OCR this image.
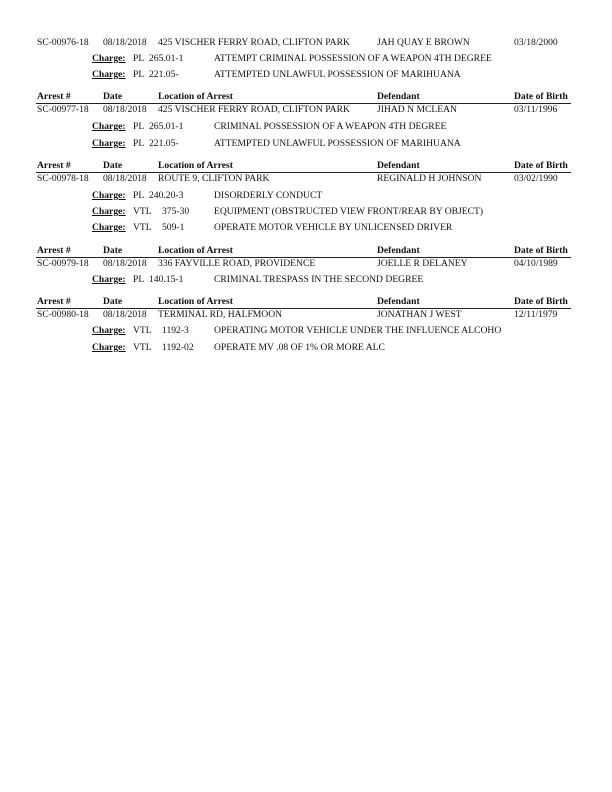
SC-00976-18 08/18/2018 425 VISCHER FERRY ROAD, CLIFTON PARK	JAH QUAY E BROWN	03/18/2000
Charge: PL 265.01-1	ATTEMPT CRIMINAL POSSESSION OF A WEAPON 4TH DEGREE
Charge: PL 221.05-	ATTEMPTED UNLAWFUL POSSESSION OF MARIHUANA
Arrest #	Date	Location of Arrest	Defendant	Date of Birth
SC-00977-18 08/18/2018 425 VISCHER FERRY ROAD, CLIFTON PARK	JIHAD N MCLEAN	03/11/1996
Charge: PL 265.01-1	CRIMINAL POSSESSION OF A WEAPON 4TH DEGREE
Charge: PL 221.05-	ATTEMPTED UNLAWFUL POSSESSION OF MARIHUANA
Arrest #	Date	Location of Arrest	Defendant	Date of Birth
SC-00978-18 08/18/2018 ROUTE 9, CLIFTON PARK	REGINALD H JOHNSON	03/02/1990
Charge: PL 240.20-3	DISORDERLY CONDUCT
Charge: VTL 375-30	EQUIPMENT (OBSTRUCTED VIEW FRONT/REAR BY OBJECT)
Charge: VTL 509-1	OPERATE MOTOR VEHICLE BY UNLICENSED DRIVER
Arrest #	Date	Location of Arrest	Defendant	Date of Birth
SC-00979-18 08/18/2018 336 FAYVILLE ROAD, PROVIDENCE	JOELLE R DELANEY	04/10/1989
Charge: PL 140.15-1	CRIMINAL TRESPASS IN THE SECOND DEGREE
Arrest #	Date	Location of Arrest	Defendant	Date of Birth
SC-00980-18 08/18/2018 TERMINAL RD, HALFMOON	JONATHAN J WEST	12/11/1979
Charge: VTL 1192-3	OPERATING MOTOR VEHICLE UNDER THE INFLUENCE ALCOHO
Charge: VTL 1192-02 OPERATE MV .08 OF 1% OR MORE ALC
